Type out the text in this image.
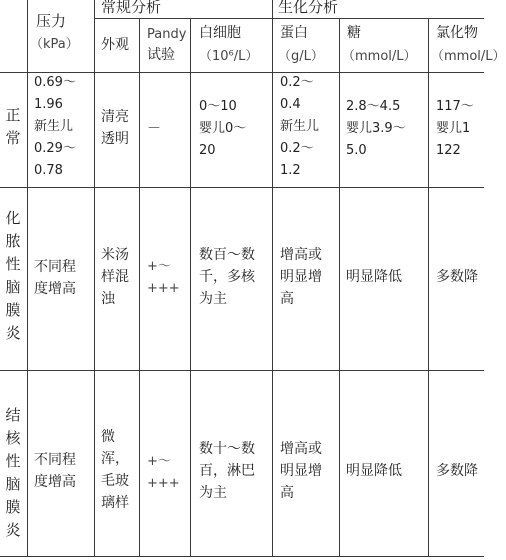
压力
（kPa）
常规分析	生化分析
外观
Pandy
试验
白细胞
（10⁶/L）
蛋白
（g/L）
糖
（mmol/L）
氯化物
（mmol/L）
正
常
0.69～
1.96
新生儿
0.29～
0.78
清亮
透明
－
0～10
婴儿0～
20
0.2～
0.4
新生儿
0.2～
1.2
2.8～4.5
婴儿3.9～
5.0
117～
婴儿1
122
化
脓
性
脑
膜
炎
不同程
度增高
米汤
样混
浊
+～
+++
数百～数
千，多核
为主
增高或
明显增
高
明显降低 多数降
结
核
性
脑
膜
炎
不同程
度增高
微
浑，
毛玻
璃样
+～
+++
数十～数
百，淋巴
为主
增高或
明显增
高
明显降低 多数降
